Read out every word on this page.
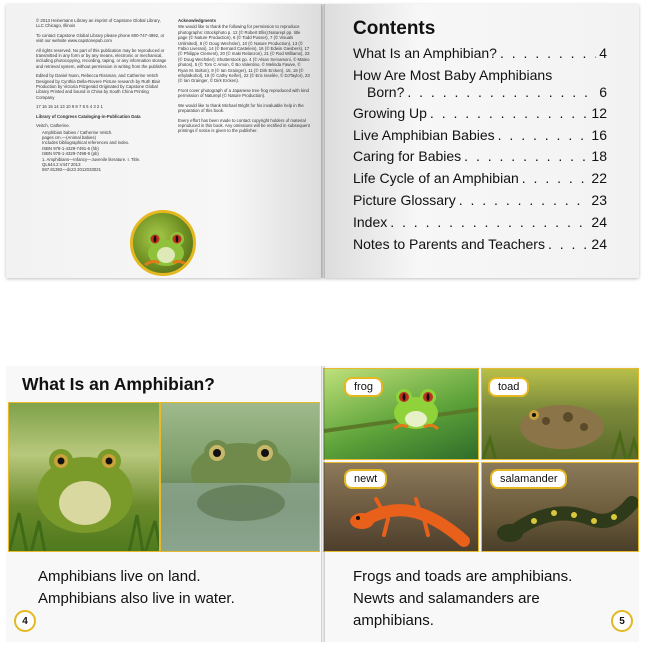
© 2013 Heinemann Library an imprint of Capstone Global Library, LLC Chicago, Illinois

To contact Capstone Global Library please phone 800-747-4992, or visit our website www.capstonepub.com

All rights reserved. No part of this publication may be reproduced or transmitted in any form or by any means, electronic or mechanical, including photocopying, recording, taping, or any information storage and retrieval system, without permission in writing from the publisher.

Edited by Daniel Nunn, Rebecca Rissman, and Catherine Veitch Designed by Cynthia Della-Rovere Picture research by Ruth Blair Production by Victoria Fitzgerald Originated by Capstone Global Library Printed and bound in China by South China Printing Company

17 16 15 14 13 10 9 8 7 6 5 4 3 2 1

Library of Congress Cataloging-in-Publication Data

Veitch, Catherine.

Amphibian babies / Catherine Veitch.
pages cm.—(Animal babies)
Includes bibliographical references and index.
ISBN 978-1-4329-7491-6 (hb)
ISBN 978-1-4329-7498-9 (pb)
1. Amphibians—Infancy—Juvenile literature. I. Title.
QL644.2.V447 2013
597.81392—dc23 2012033021

Acknowledgments

We would like to thank the following for permission to reproduce photographs: iStockphoto p. 12 (© Robert Ellis);Naturepl pp. title page (© Nature Production), 6 (© Todd Pusser), 7 (© Visuals Unlimited), 8 (© Doug Wechsler), 10 (© Nature Production), 13 (© Fabio Liverani), 14 (© Bernard Castelein), 16 (© Edwin Giesbers), 17 (© Philippe Clement), 20 (© Inaki Relanzon), 21 (© Rod Williams), 23 (© Doug Wechsler); Shutterstock pp. 4 (© Alsan Servamoni, © Mateo photos), 5 (© Tom C Amon, © Bo Valentino, © Melinda Fawve, © Ryan M. Bolton), 9 (© Ian Grainger), 11 (© Dirk Ercken), 15, 18 (© ethylalkohol), 19 (© Cathy Keifer), 22 (© Eric Isselée, © DJTaylor), 23 (© Ian Grainger, © Dirk Ercken).

Front cover photograph of a Japanese tree frog reproduced with kind permission of Naturepl (© Nature Production).

We would like to thank Michael Bright for his invaluable help in the preparation of this book.

Every effort has been made to contact copyright holders of material reproduced in this book. Any omissions will be rectified in subsequent printings if notice is given to the publisher.

Contents
What Is an Amphibian? . . .	4
How Are Most Baby Amphibians
Born? . . .	6
Growing Up . . .	12
Live Amphibian Babies . . .	16
Caring for Babies . . .	18
Life Cycle of an Amphibian . . .	22
Picture Glossary . . .	23
Index . . .	24
Notes to Parents and Teachers . . .	24
What Is an Amphibian?
Amphibians live on land.
Amphibians also live in water.
4
frog	toad
newt	salamander
Frogs and toads are amphibians.
Newts and salamanders are
amphibians.	5
